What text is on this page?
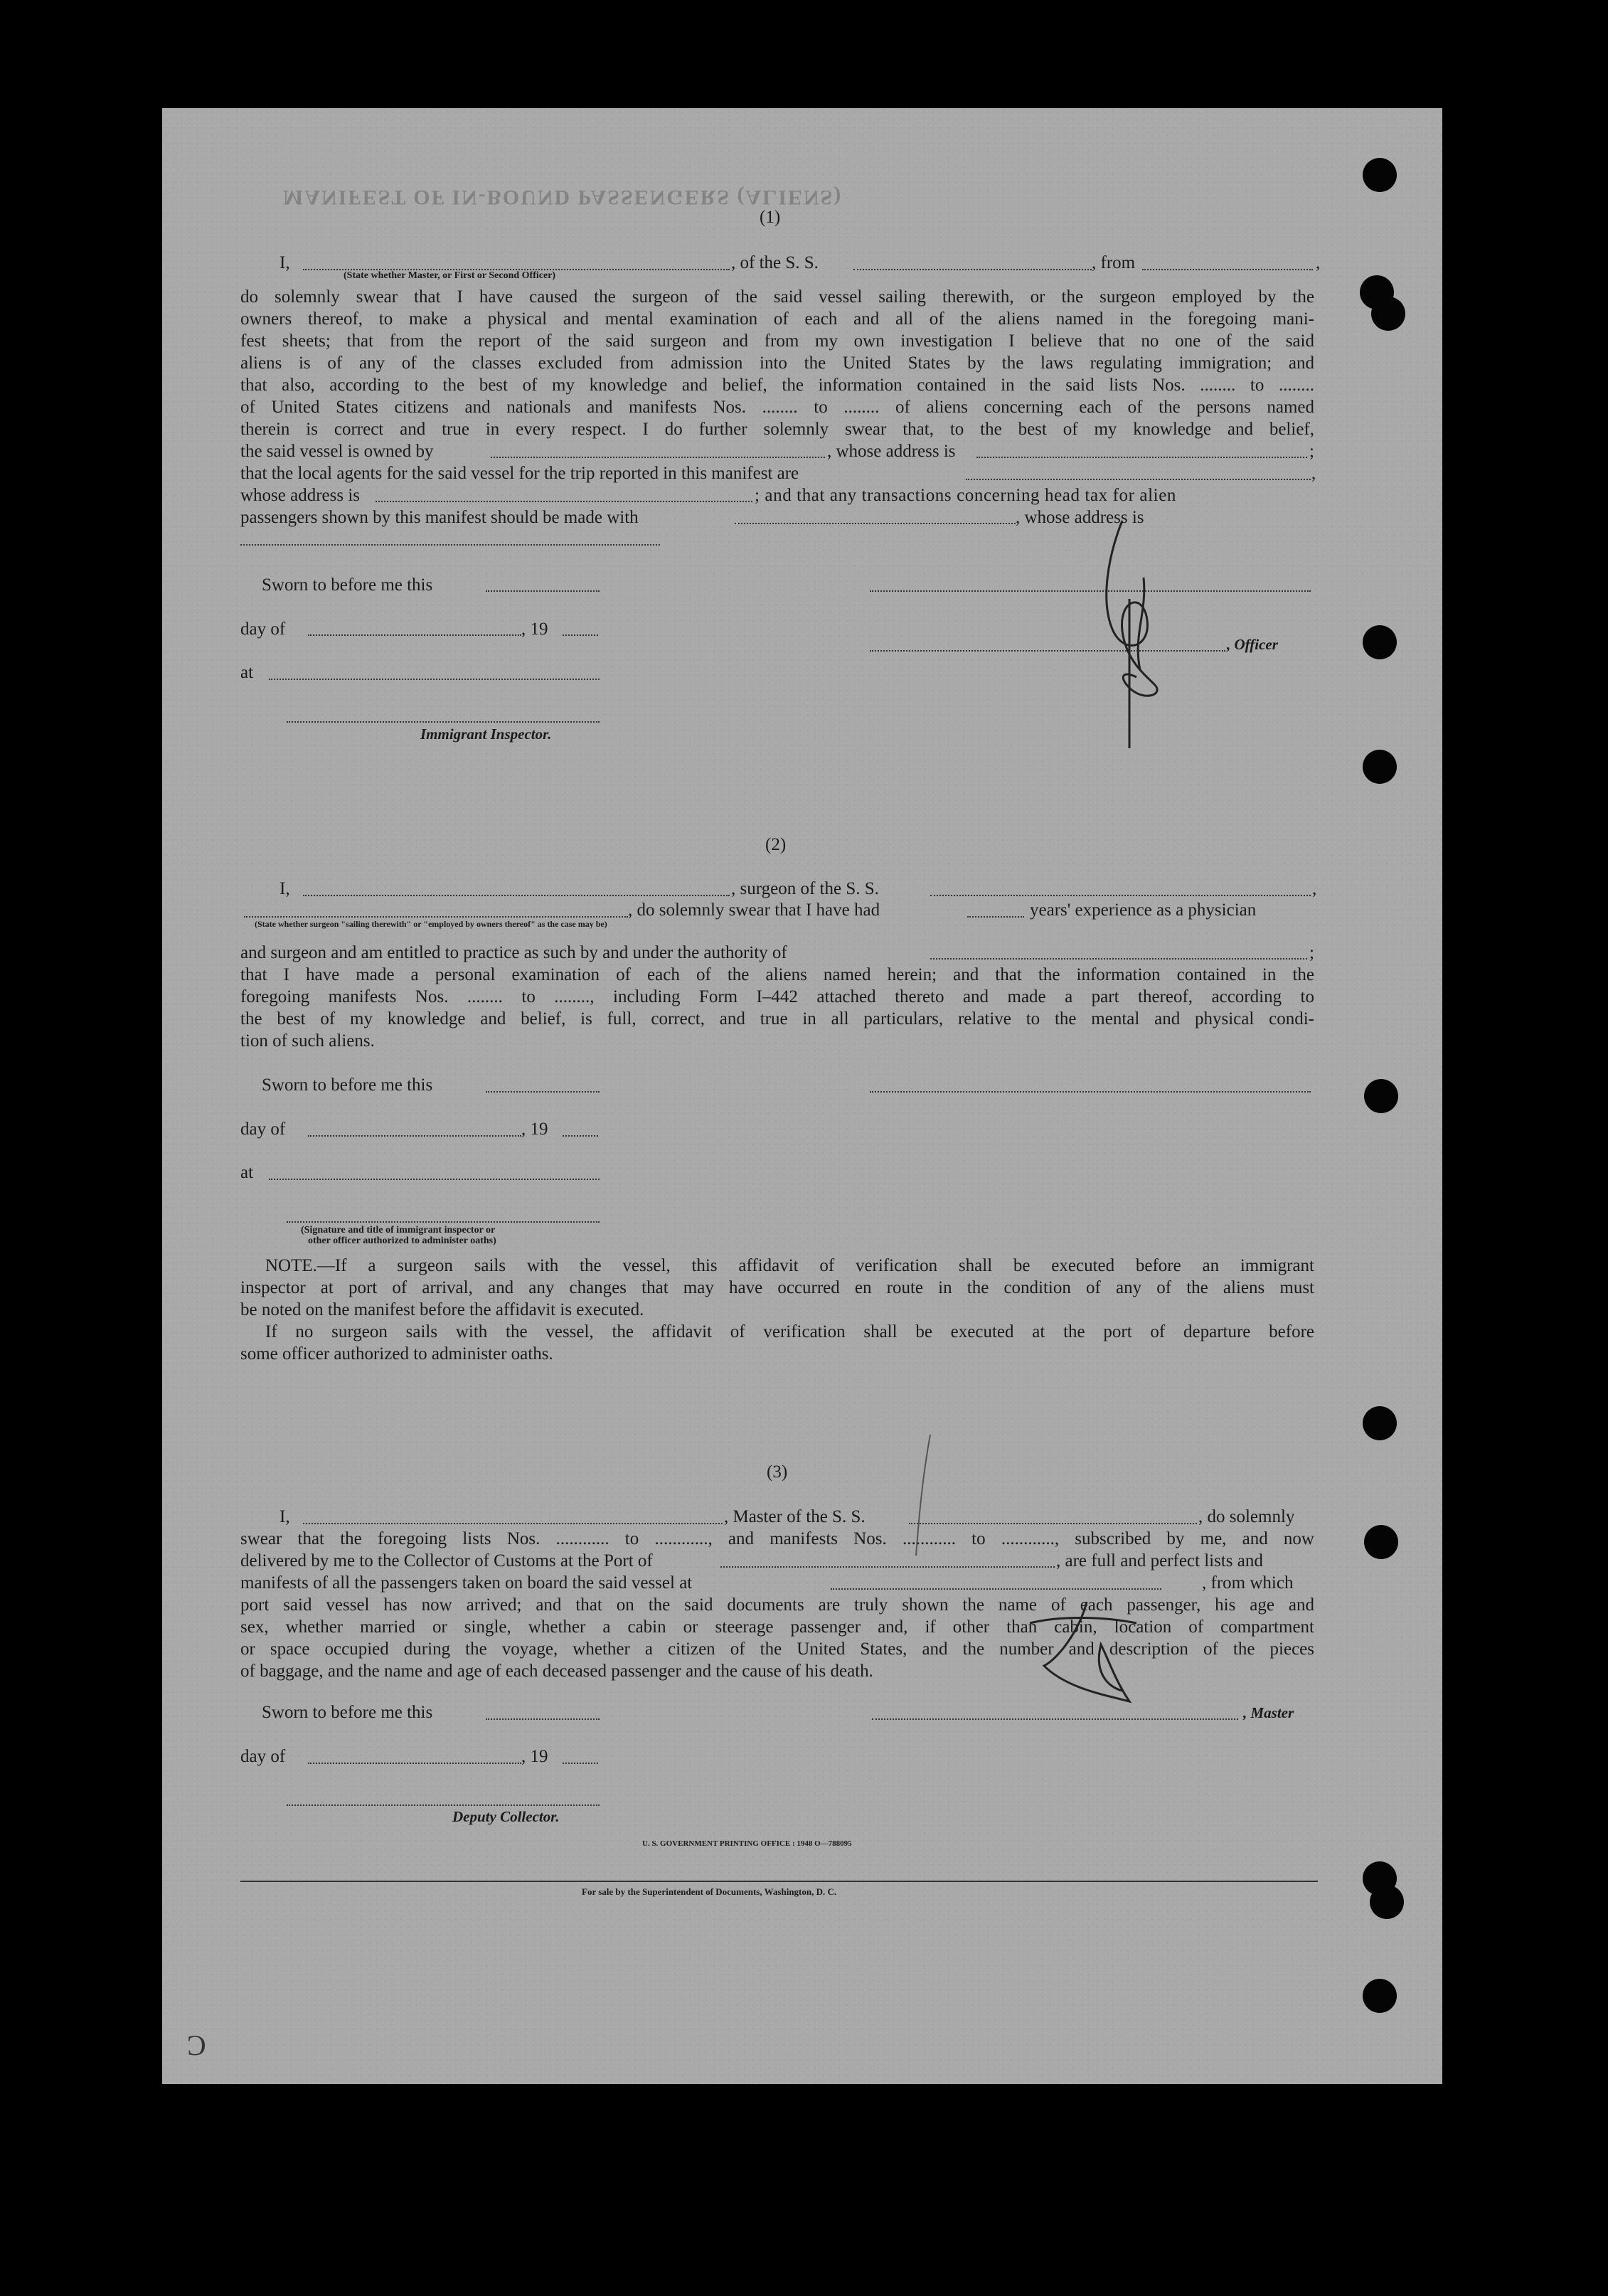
MANIFEST OF IN-BOUND PASSENGERS (ALIENS)
(1)
I,
(State whether Master, or First or Second Officer)
, of the S. S.	, from	,
do solemnly swear that I have caused the surgeon of the said vessel sailing therewith, or the surgeon employed by the
owners thereof, to make a physical and mental examination of each and all of the aliens named in the foregoing mani-
fest sheets; that from the report of the said surgeon and from my own investigation I believe that no one of the said
aliens is of any of the classes excluded from admission into the United States by the laws regulating immigration; and
that also, according to the best of my knowledge and belief, the information contained in the said lists Nos. ........ to ........
of United States citizens and nationals and manifests Nos. ........ to ........ of aliens concerning each of the persons named
therein is correct and true in every respect. I do further solemnly swear that, to the best of my knowledge and belief,
the said vessel is owned by	, whose address is	;
that the local agents for the said vessel for the trip reported in this manifest are	,
whose address is	; and that any transactions concerning head tax for alien
passengers shown by this manifest should be made with	, whose address is
Sworn to before me this
day of	, 19
, Officer
at
Immigrant Inspector.
(2)
I,	, surgeon of the S. S.	,
(State whether surgeon "sailing therewith" or "employed by owners thereof" as the case may be)
, do solemnly swear that I have had	years' experience as a physician
and surgeon and am entitled to practice as such by and under the authority of	;
that I have made a personal examination of each of the aliens named herein; and that the information contained in the
foregoing manifests Nos. ........ to ........, including Form I–442 attached thereto and made a part thereof, according to
the best of my knowledge and belief, is full, correct, and true in all particulars, relative to the mental and physical condi-
tion of such aliens.
Sworn to before me this
day of	, 19
at
(Signature and title of immigrant inspector or
other officer authorized to administer oaths)
NOTE.—If a surgeon sails with the vessel, this affidavit of verification shall be executed before an immigrant
inspector at port of arrival, and any changes that may have occurred en route in the condition of any of the aliens must
be noted on the manifest before the affidavit is executed.
If no surgeon sails with the vessel, the affidavit of verification shall be executed at the port of departure before
some officer authorized to administer oaths.
(3)
I,	, Master of the S. S.	, do solemnly
swear that the foregoing lists Nos. ............ to ............, and manifests Nos. ............ to ............, subscribed by me, and now
delivered by me to the Collector of Customs at the Port of	, are full and perfect lists and
manifests of all the passengers taken on board the said vessel at	, from which
port said vessel has now arrived; and that on the said documents are truly shown the name of each passenger, his age and
sex, whether married or single, whether a cabin or steerage passenger and, if other than cabin, location of compartment
or space occupied during the voyage, whether a citizen of the United States, and the number and description of the pieces
of baggage, and the name and age of each deceased passenger and the cause of his death.
Sworn to before me this	, Master
day of	, 19
Deputy Collector.
U. S. GOVERNMENT PRINTING OFFICE : 1948 O—788095
For sale by the Superintendent of Documents, Washington, D. C.
Ɔ
